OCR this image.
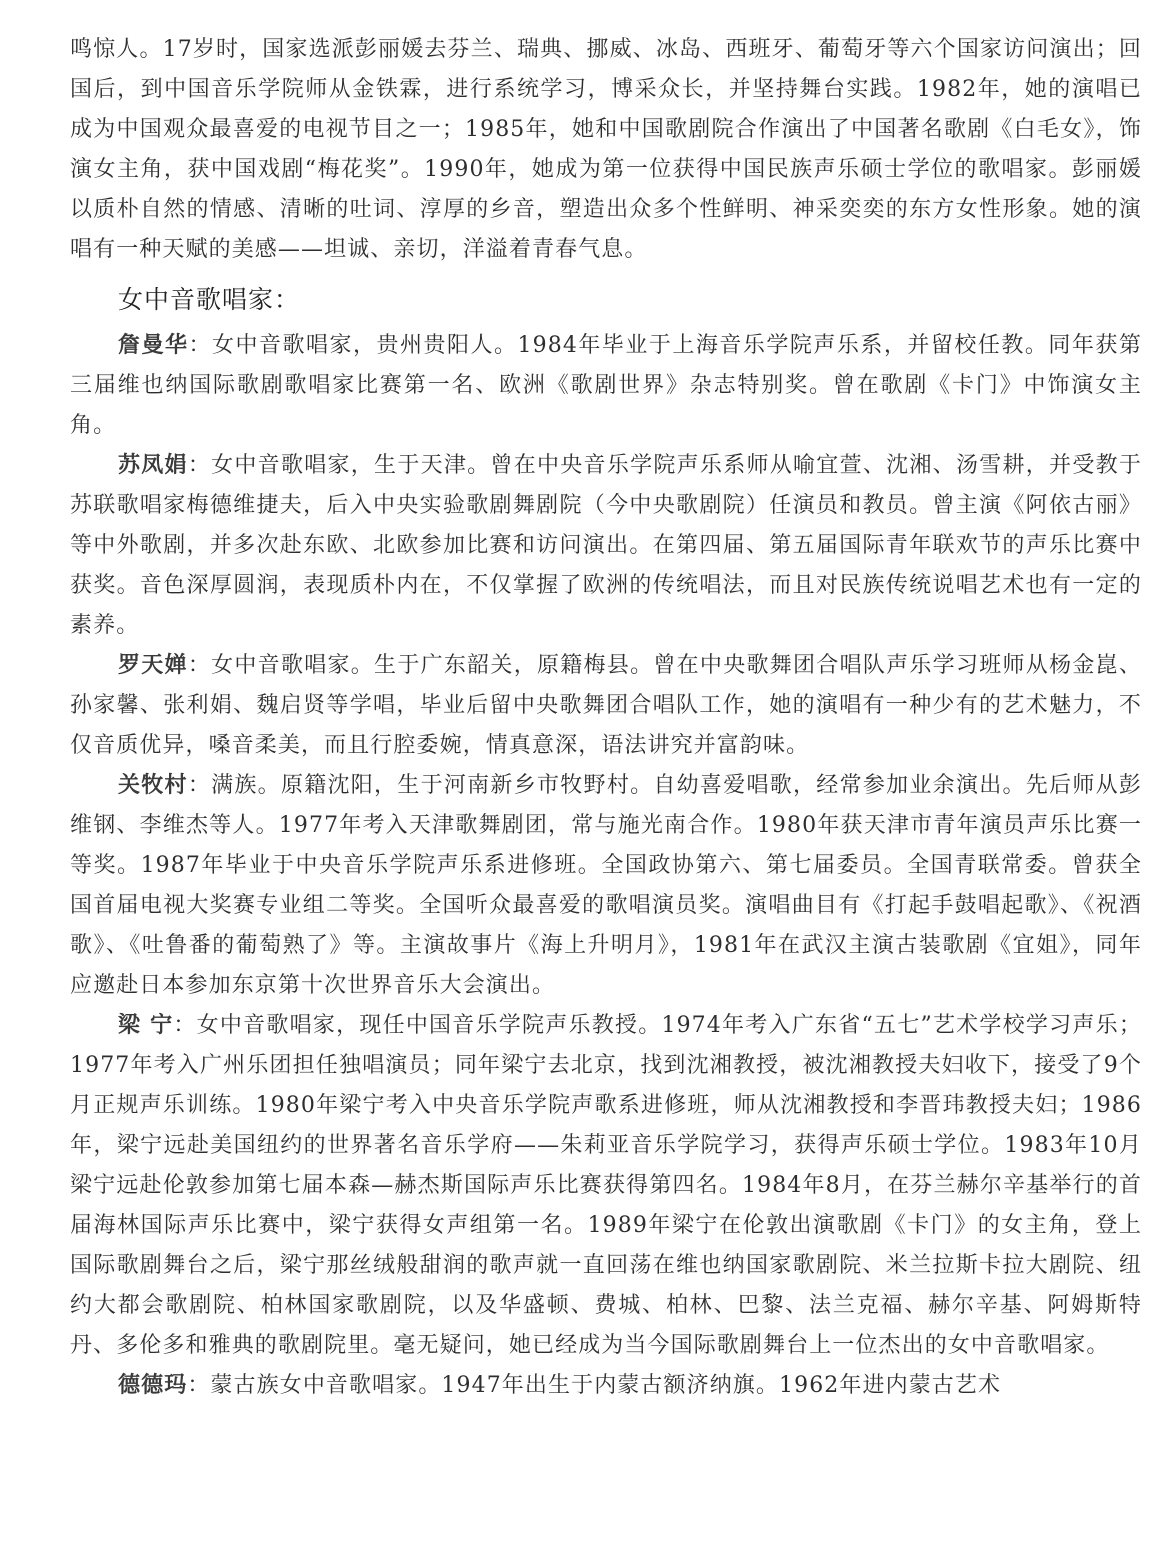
鸣惊人。17岁时，国家选派彭丽媛去芬兰、瑞典、挪威、冰岛、西班牙、葡萄牙等六个国家访问演出；回国后，到中国音乐学院师从金铁霖，进行系统学习，博采众长，并坚持舞台实践。1982年，她的演唱已成为中国观众最喜爱的电视节目之一；1985年，她和中国歌剧院合作演出了中国著名歌剧《白毛女》，饰演女主角，获中国戏剧“梅花奖”。1990年，她成为第一位获得中国民族声乐硕士学位的歌唱家。彭丽媛以质朴自然的情感、清晰的吐词、淳厚的乡音，塑造出众多个性鲜明、神采奕奕的东方女性形象。她的演唱有一种天赋的美感——坦诚、亲切，洋溢着青春气息。

女中音歌唱家：

詹曼华：女中音歌唱家，贵州贵阳人。1984年毕业于上海音乐学院声乐系，并留校任教。同年获第三届维也纳国际歌剧歌唱家比赛第一名、欧洲《歌剧世界》杂志特别奖。曾在歌剧《卡门》中饰演女主角。

苏凤娟：女中音歌唱家，生于天津。曾在中央音乐学院声乐系师从喻宜萱、沈湘、汤雪耕，并受教于苏联歌唱家梅德维捷夫，后入中央实验歌剧舞剧院（今中央歌剧院）任演员和教员。曾主演《阿依古丽》等中外歌剧，并多次赴东欧、北欧参加比赛和访问演出。在第四届、第五届国际青年联欢节的声乐比赛中获奖。音色深厚圆润，表现质朴内在，不仅掌握了欧洲的传统唱法，而且对民族传统说唱艺术也有一定的素养。

罗天婵：女中音歌唱家。生于广东韶关，原籍梅县。曾在中央歌舞团合唱队声乐学习班师从杨金崑、孙家馨、张利娟、魏启贤等学唱，毕业后留中央歌舞团合唱队工作，她的演唱有一种少有的艺术魅力，不仅音质优异，嗓音柔美，而且行腔委婉，情真意深，语法讲究并富韵味。

关牧村：满族。原籍沈阳，生于河南新乡市牧野村。自幼喜爱唱歌，经常参加业余演出。先后师从彭维钢、李维杰等人。1977年考入天津歌舞剧团，常与施光南合作。1980年获天津市青年演员声乐比赛一等奖。1987年毕业于中央音乐学院声乐系进修班。全国政协第六、第七届委员。全国青联常委。曾获全国首届电视大奖赛专业组二等奖。全国听众最喜爱的歌唱演员奖。演唱曲目有《打起手鼓唱起歌》、《祝酒歌》、《吐鲁番的葡萄熟了》等。主演故事片《海上升明月》，1981年在武汉主演古装歌剧《宜姐》，同年应邀赴日本参加东京第十次世界音乐大会演出。

梁 宁：女中音歌唱家，现任中国音乐学院声乐教授。1974年考入广东省“五七”艺术学校学习声乐；1977年考入广州乐团担任独唱演员；同年梁宁去北京，找到沈湘教授，被沈湘教授夫妇收下，接受了9个月正规声乐训练。1980年梁宁考入中央音乐学院声歌系进修班，师从沈湘教授和李晋玮教授夫妇；1986年，梁宁远赴美国纽约的世界著名音乐学府——朱莉亚音乐学院学习，获得声乐硕士学位。1983年10月梁宁远赴伦敦参加第七届本森—赫杰斯国际声乐比赛获得第四名。1984年8月，在芬兰赫尔辛基举行的首届海林国际声乐比赛中，梁宁获得女声组第一名。1989年梁宁在伦敦出演歌剧《卡门》的女主角，登上国际歌剧舞台之后，梁宁那丝绒般甜润的歌声就一直回荡在维也纳国家歌剧院、米兰拉斯卡拉大剧院、纽约大都会歌剧院、柏林国家歌剧院，以及华盛顿、费城、柏林、巴黎、法兰克福、赫尔辛基、阿姆斯特丹、多伦多和雅典的歌剧院里。毫无疑问，她已经成为当今国际歌剧舞台上一位杰出的女中音歌唱家。

德德玛：蒙古族女中音歌唱家。1947年出生于内蒙古额济纳旗。1962年进内蒙古艺术
